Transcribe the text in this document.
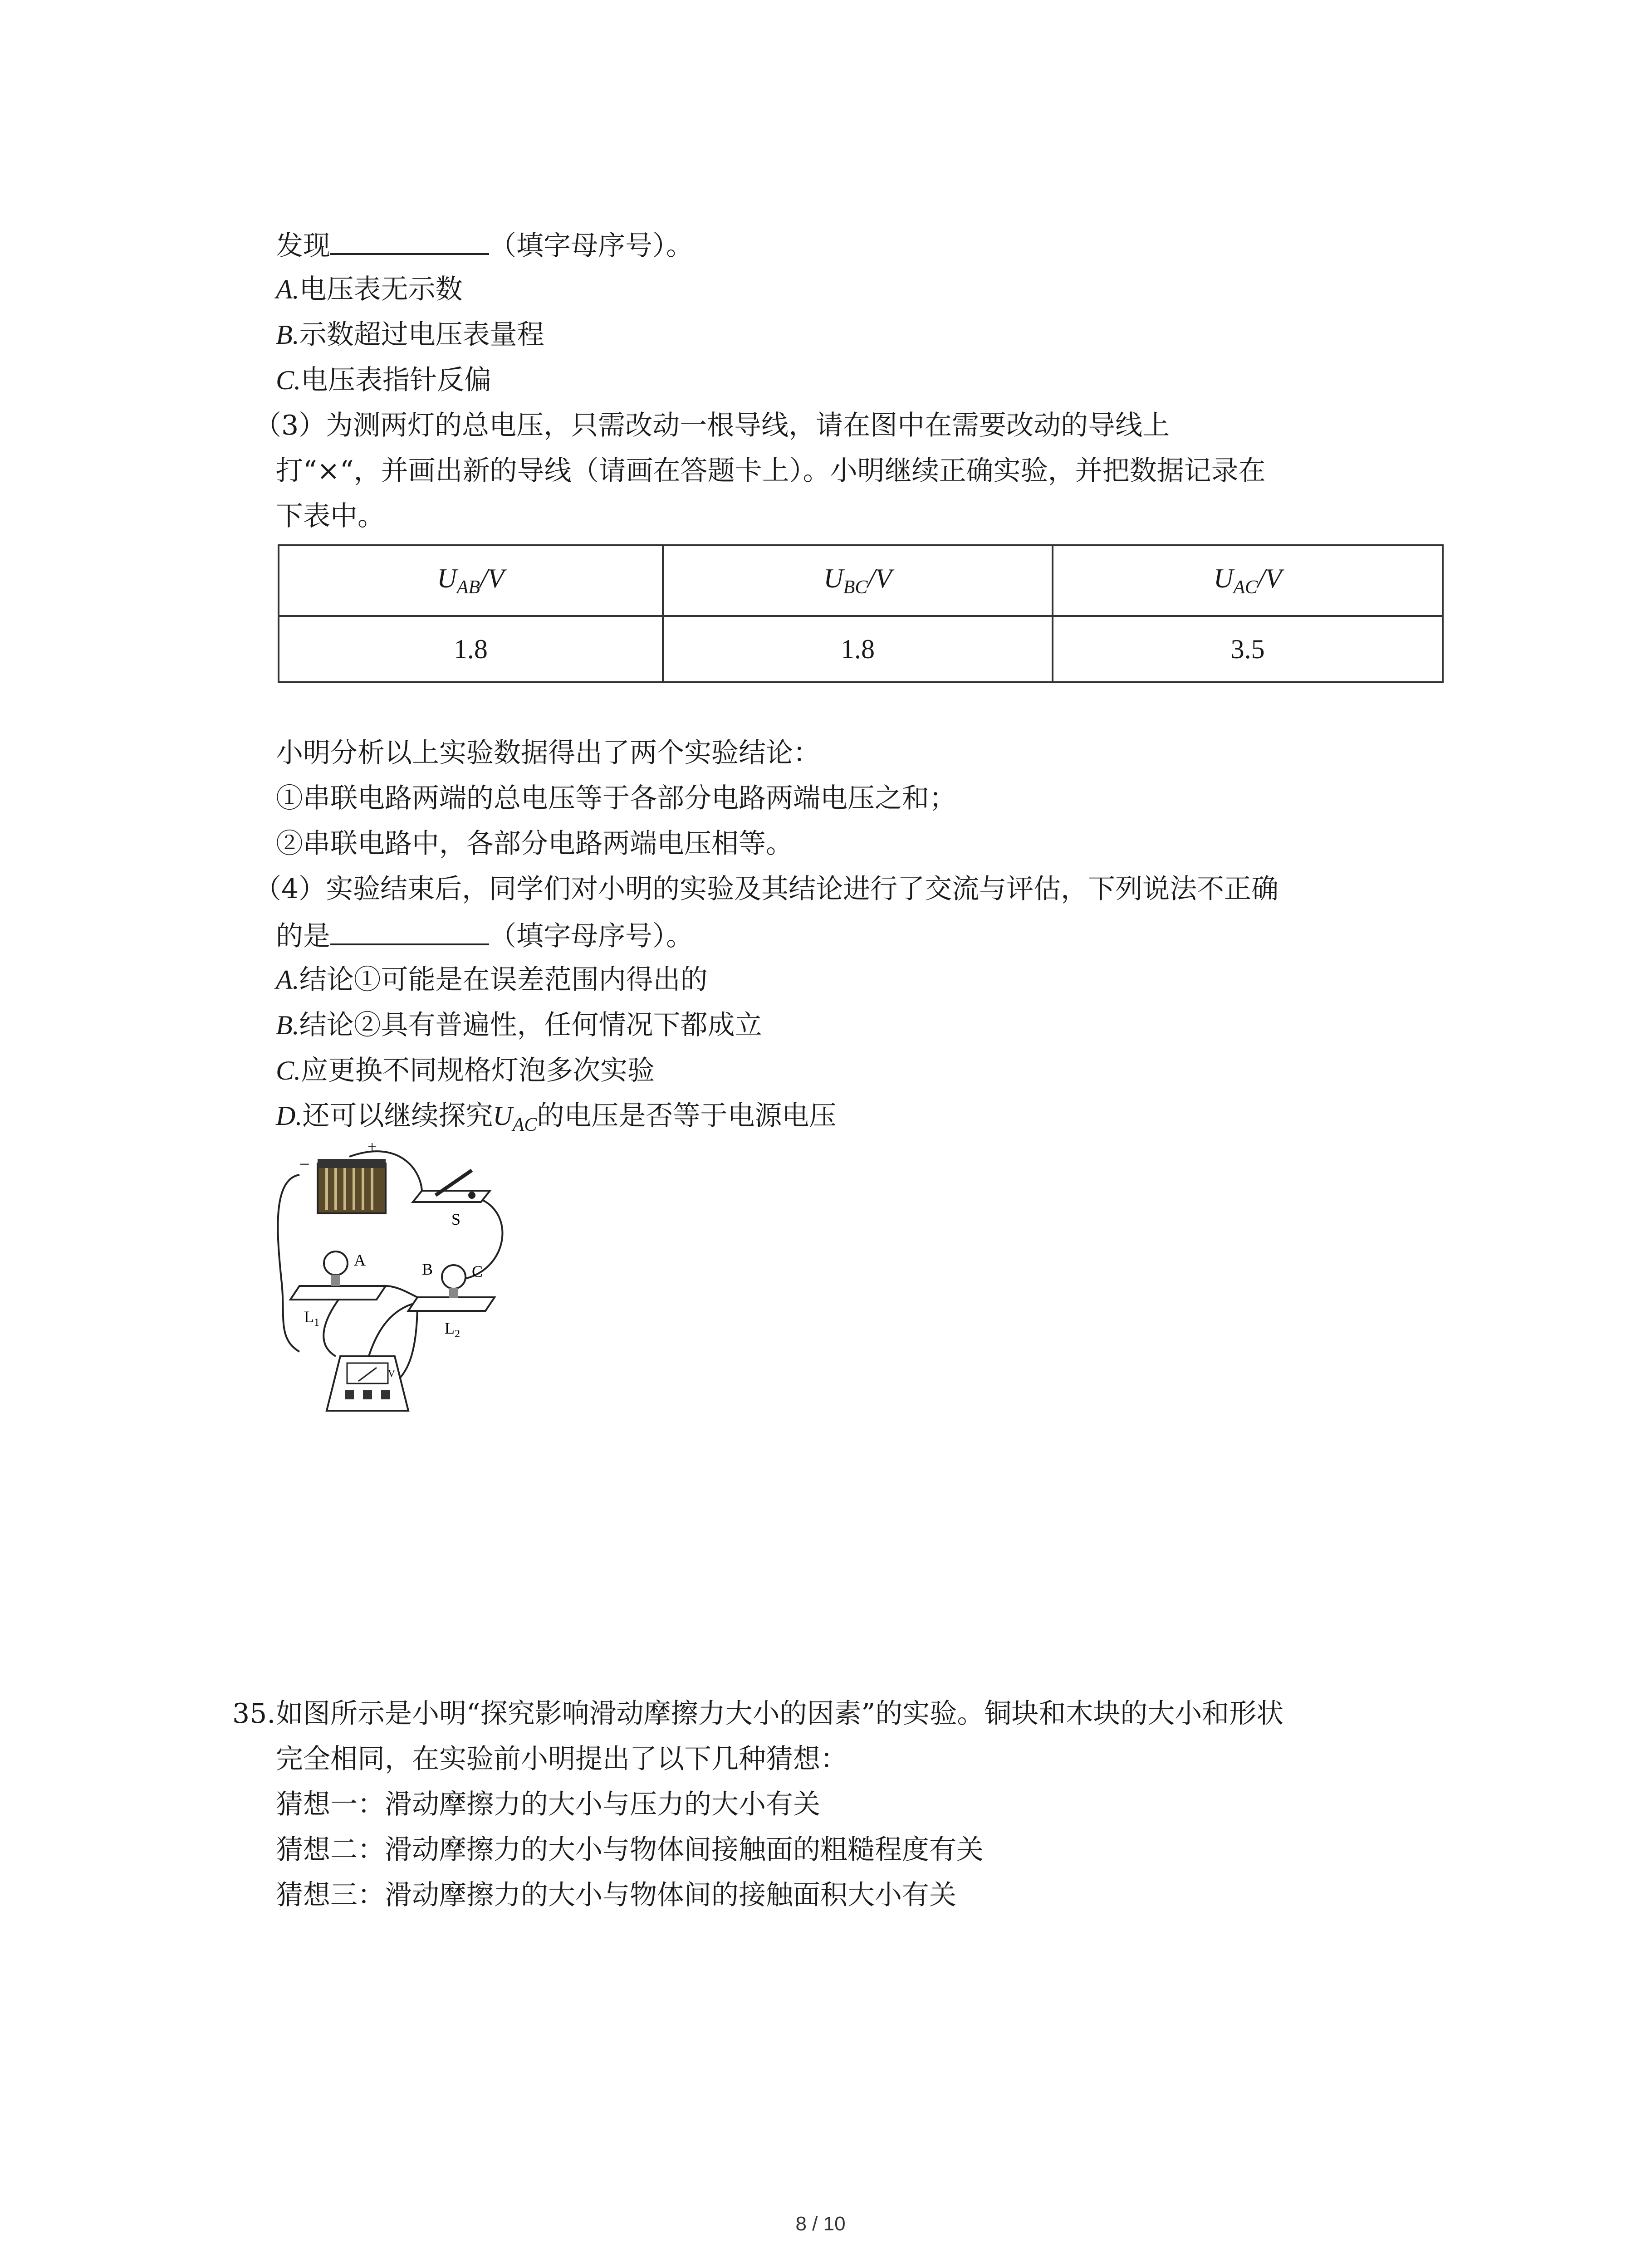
发现	（填字母序号）。
A.电压表无示数
B.示数超过电压表量程
C.电压表指针反偏
（3）为测两灯的总电压，只需改动一根导线，请在图中在需要改动的导线上
打“×“，并画出新的导线（请画在答题卡上）。小明继续正确实验，并把数据记录在
下表中。
$U_{AB}/V$	$U_{BC}/V$	$U_{AC}/V$
1.8	1.8	3.5
小明分析以上实验数据得出了两个实验结论：
①串联电路两端的总电压等于各部分电路两端电压之和；
②串联电路中，各部分电路两端电压相等。
（4）实验结束后，同学们对小明的实验及其结论进行了交流与评估，下列说法不正确
的是	（填字母序号）。
A.结论①可能是在误差范围内得出的
B.结论②具有普遍性，任何情况下都成立
C.应更换不同规格灯泡多次实验
D.还可以继续探究$U_{AC}$的电压是否等于电源电压
−
+
S
A
$L_1$
B C
$L_2$
V
35. 如图所示是小明“探究影响滑动摩擦力大小的因素”的实验。铜块和木块的大小和形状
完全相同，在实验前小明提出了以下几种猜想：
猜想一：滑动摩擦力的大小与压力的大小有关
猜想二：滑动摩擦力的大小与物体间接触面的粗糙程度有关
猜想三：滑动摩擦力的大小与物体间的接触面积大小有关
8 / 10
